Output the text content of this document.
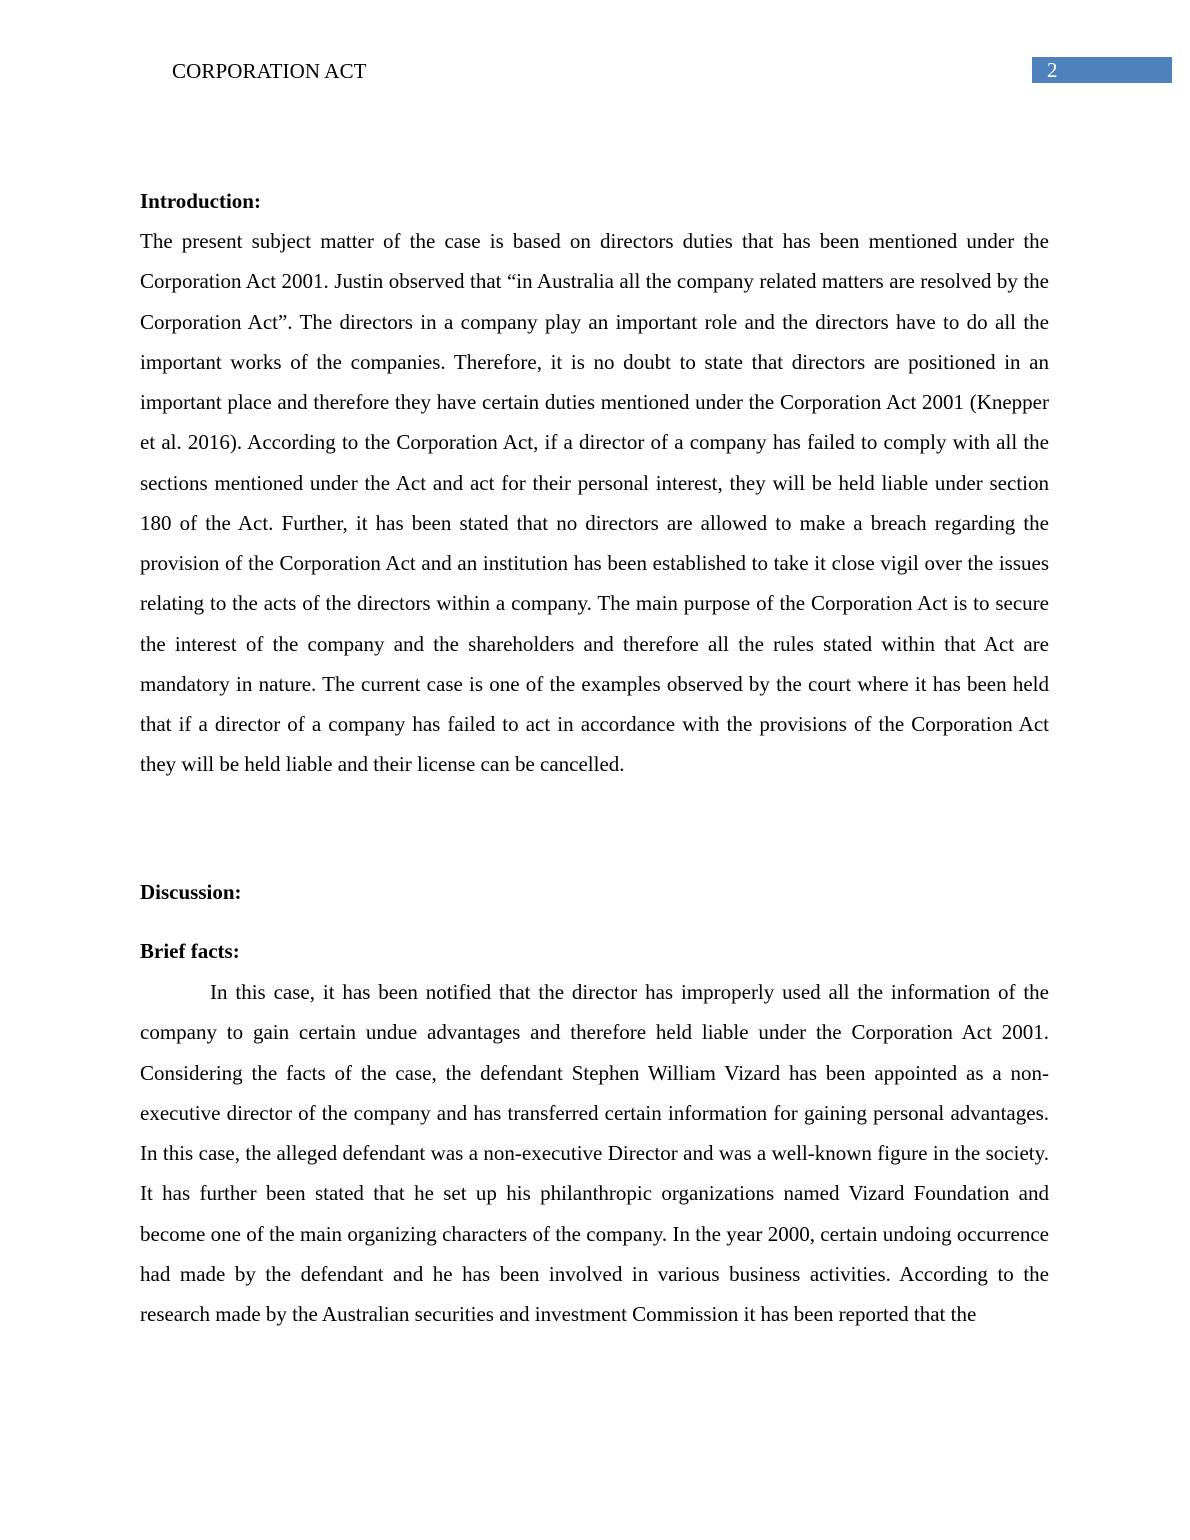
CORPORATION ACT	2
Introduction:

The present subject matter of the case is based on directors duties that has been mentioned under the Corporation Act 2001. Justin observed that “in Australia all the company related matters are resolved by the Corporation Act”. The directors in a company play an important role and the directors have to do all the important works of the companies. Therefore, it is no doubt to state that directors are positioned in an important place and therefore they have certain duties mentioned under the Corporation Act 2001 (Knepper et al. 2016). According to the Corporation Act, if a director of a company has failed to comply with all the sections mentioned under the Act and act for their personal interest, they will be held liable under section 180 of the Act. Further, it has been stated that no directors are allowed to make a breach regarding the provision of the Corporation Act and an institution has been established to take it close vigil over the issues relating to the acts of the directors within a company. The main purpose of the Corporation Act is to secure the interest of the company and the shareholders and therefore all the rules stated within that Act are mandatory in nature. The current case is one of the examples observed by the court where it has been held that if a director of a company has failed to act in accordance with the provisions of the Corporation Act they will be held liable and their license can be cancelled.

Discussion:
Brief facts:

In this case, it has been notified that the director has improperly used all the information of the company to gain certain undue advantages and therefore held liable under the Corporation Act 2001. Considering the facts of the case, the defendant Stephen William Vizard has been appointed as a non-executive director of the company and has transferred certain information for gaining personal advantages. In this case, the alleged defendant was a non-executive Director and was a well-known figure in the society. It has further been stated that he set up his philanthropic organizations named Vizard Foundation and become one of the main organizing characters of the company. In the year 2000, certain undoing occurrence had made by the defendant and he has been involved in various business activities. According to the research made by the Australian securities and investment Commission it has been reported that the
